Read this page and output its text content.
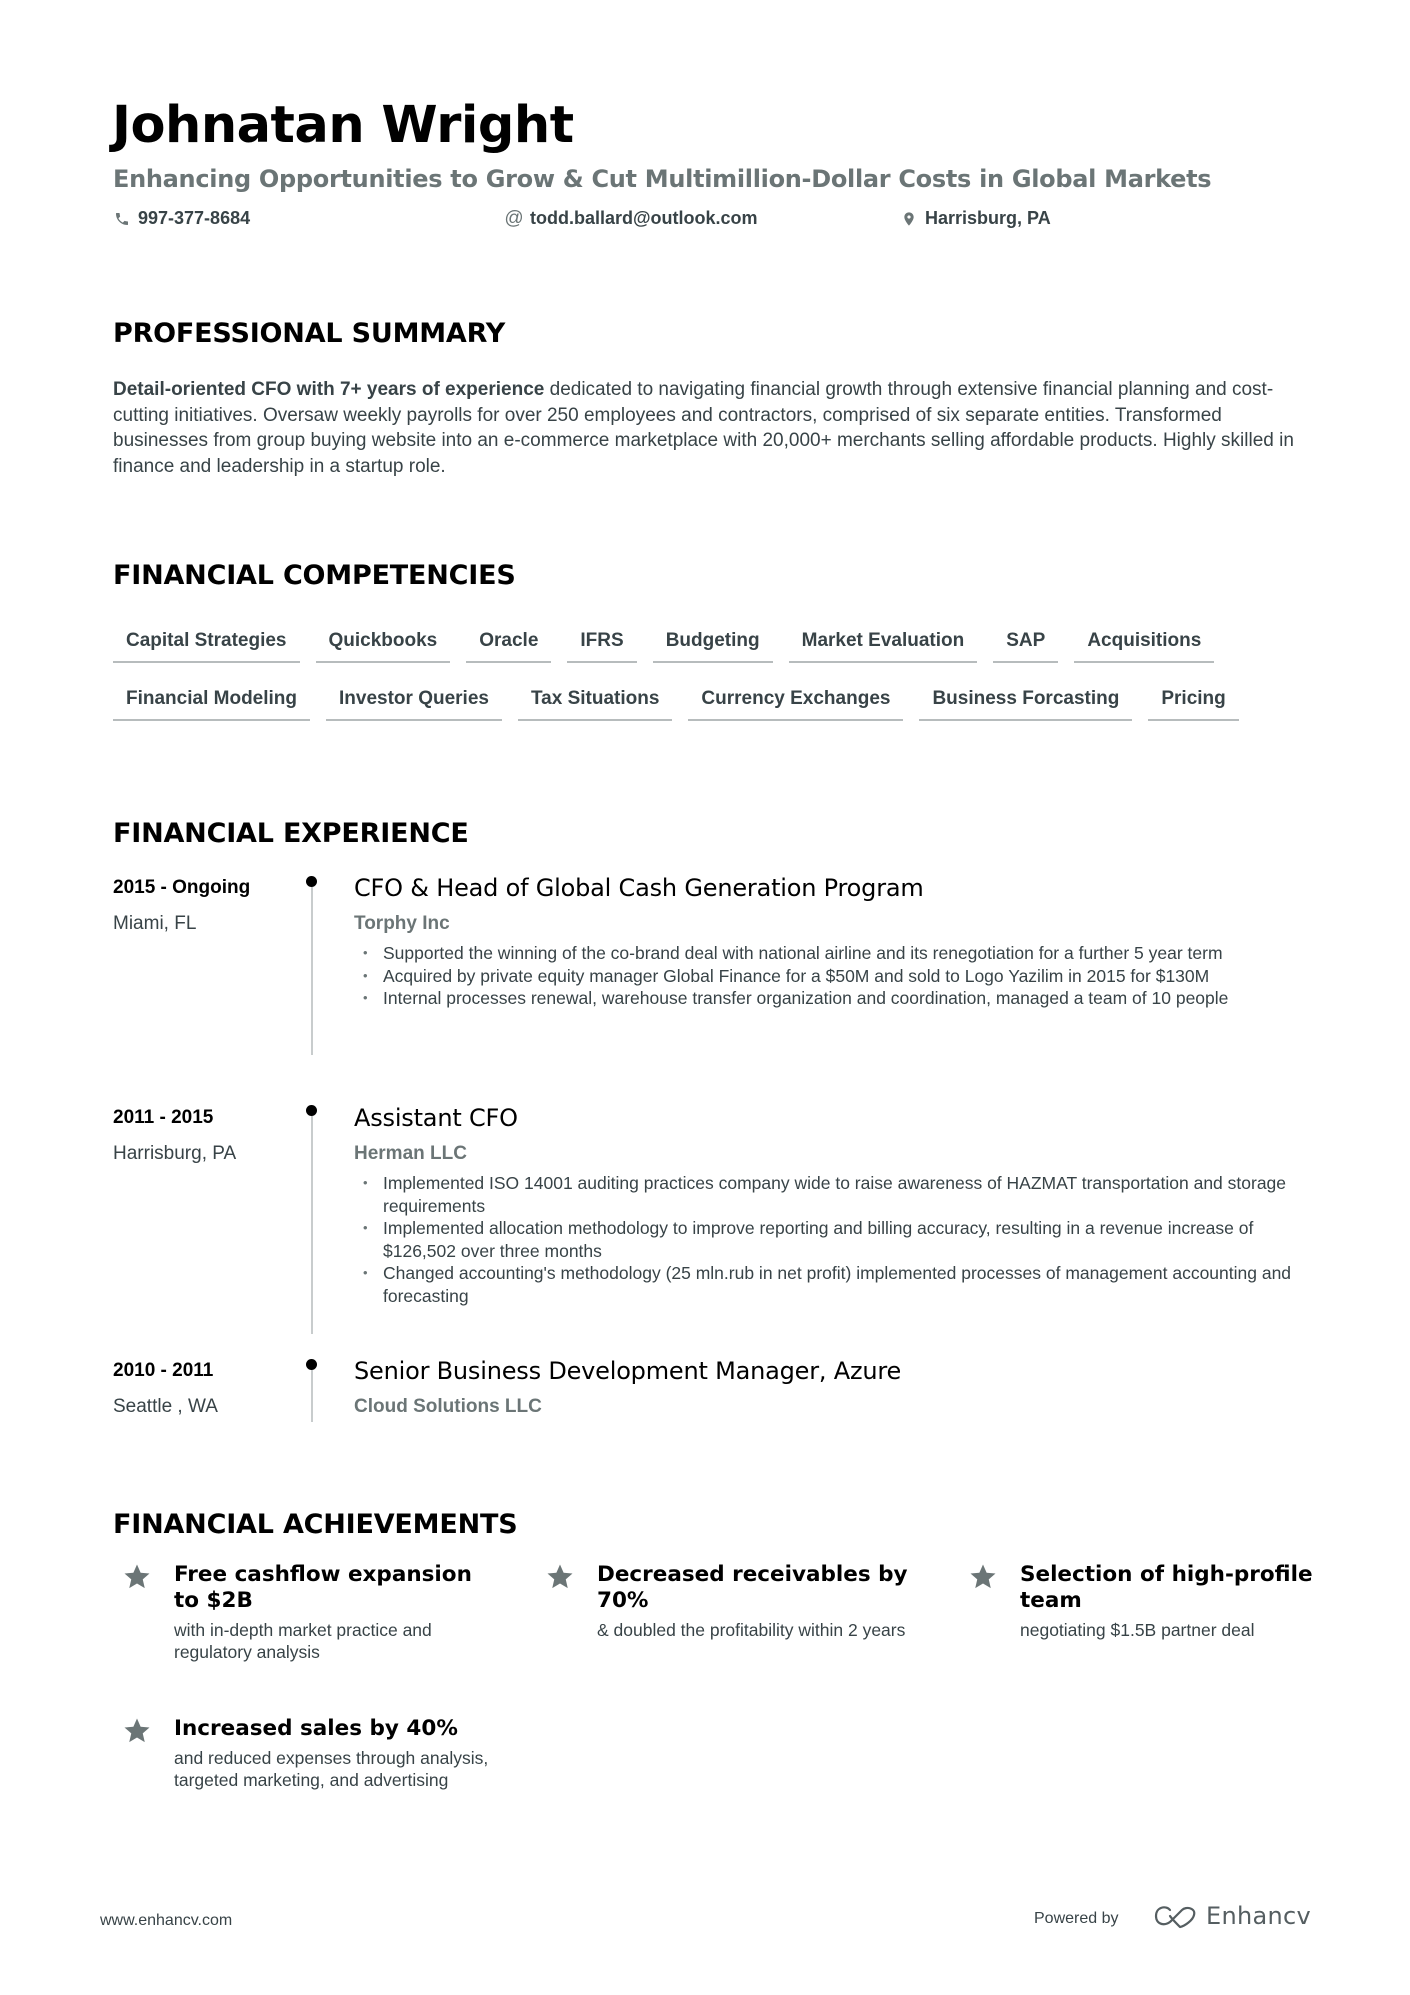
Johnatan Wright
Enhancing Opportunities to Grow & Cut Multimillion-Dollar Costs in Global Markets
997-377-8684	@ todd.ballard@outlook.com	Harrisburg, PA
PROFESSIONAL SUMMARY
Detail-oriented CFO with 7+ years of experience dedicated to navigating financial growth through extensive financial planning and cost-cutting initiatives. Oversaw weekly payrolls for over 250 employees and contractors, comprised of six separate entities. Transformed businesses from group buying website into an e-commerce marketplace with 20,000+ merchants selling affordable products. Highly skilled in finance and leadership in a startup role.
FINANCIAL COMPETENCIES
Capital Strategies	Quickbooks	Oracle	IFRS	Budgeting	Market Evaluation	SAP	Acquisitions
Financial Modeling	Investor Queries	Tax Situations	Currency Exchanges	Business Forcasting	Pricing
FINANCIAL EXPERIENCE
2015 - Ongoing
Miami, FL
CFO & Head of Global Cash Generation Program
Torphy Inc
• Supported the winning of the co-brand deal with national airline and its renegotiation for a further 5 year term
• Acquired by private equity manager Global Finance for a $50M and sold to Logo Yazilim in 2015 for $130M
• Internal processes renewal, warehouse transfer organization and coordination, managed a team of 10 people
2011 - 2015
Harrisburg, PA
Assistant CFO
Herman LLC
• Implemented ISO 14001 auditing practices company wide to raise awareness of HAZMAT transportation and storage requirements
• Implemented allocation methodology to improve reporting and billing accuracy, resulting in a revenue increase of $126,502 over three months
• Changed accounting's methodology (25 mln.rub in net profit) implemented processes of management accounting and forecasting
2010 - 2011
Seattle , WA
Senior Business Development Manager, Azure
Cloud Solutions LLC
FINANCIAL ACHIEVEMENTS
Free cashflow expansion to $2B
with in-depth market practice and regulatory analysis
Decreased receivables by 70%
& doubled the profitability within 2 years
Selection of high-profile team
negotiating $1.5B partner deal
Increased sales by 40%
and reduced expenses through analysis, targeted marketing, and advertising
www.enhancv.com	Powered by	Enhancv
